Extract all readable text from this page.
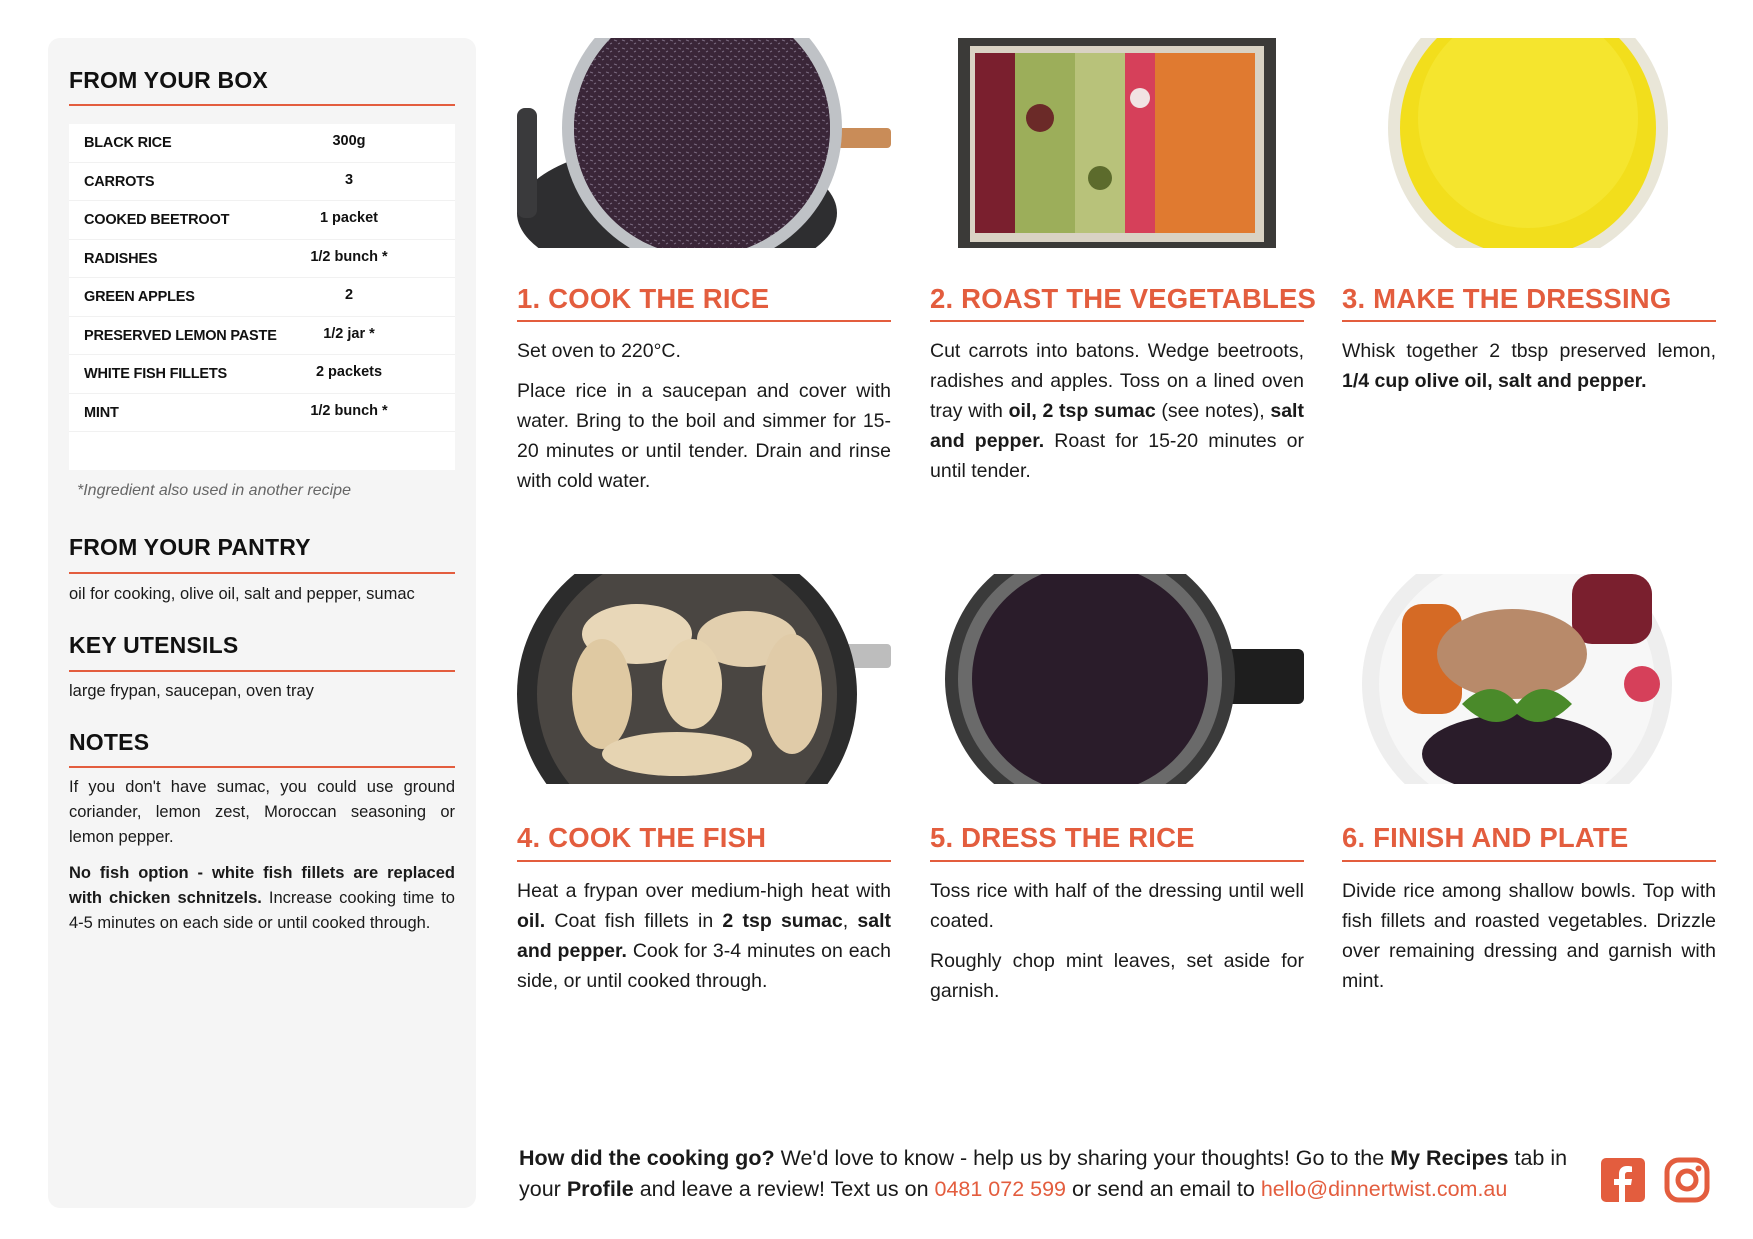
FROM YOUR BOX
BLACK RICE	300g
CARROTS	3
COOKED BEETROOT	1 packet
RADISHES	1/2 bunch *
GREEN APPLES	2
PRESERVED LEMON PASTE	1/2 jar *
WHITE FISH FILLETS	2 packets
MINT	1/2 bunch *
*Ingredient also used in another recipe
FROM YOUR PANTRY
oil for cooking, olive oil, salt and pepper, sumac
KEY UTENSILS
large frypan, saucepan, oven tray
NOTES
If you don't have sumac, you could use ground coriander, lemon zest, Moroccan seasoning or lemon pepper.
No fish option - white fish fillets are replaced with chicken schnitzels. Increase cooking time to 4-5 minutes on each side or until cooked through.
1. COOK THE RICE

Set oven to 220°C.

Place rice in a saucepan and cover with water. Bring to the boil and simmer for 15-20 minutes or until tender. Drain and rinse with cold water.

2. ROAST THE VEGETABLES

Cut carrots into batons. Wedge beetroots, radishes and apples. Toss on a lined oven tray with oil, 2 tsp sumac (see notes), salt and pepper. Roast for 15-20 minutes or until tender.

3. MAKE THE DRESSING

Whisk together 2 tbsp preserved lemon, 1/4 cup olive oil, salt and pepper.

4. COOK THE FISH

Heat a frypan over medium-high heat with oil. Coat fish fillets in 2 tsp sumac, salt and pepper. Cook for 3-4 minutes on each side, or until cooked through.

5. DRESS THE RICE

Toss rice with half of the dressing until well coated.

Roughly chop mint leaves, set aside for garnish.

6. FINISH AND PLATE

Divide rice among shallow bowls. Top with fish fillets and roasted vegetables. Drizzle over remaining dressing and garnish with mint.

How did the cooking go? We'd love to know - help us by sharing your thoughts! Go to the My Recipes tab in your Profile and leave a review! Text us on 0481 072 599 or send an email to hello@dinnertwist.com.au
